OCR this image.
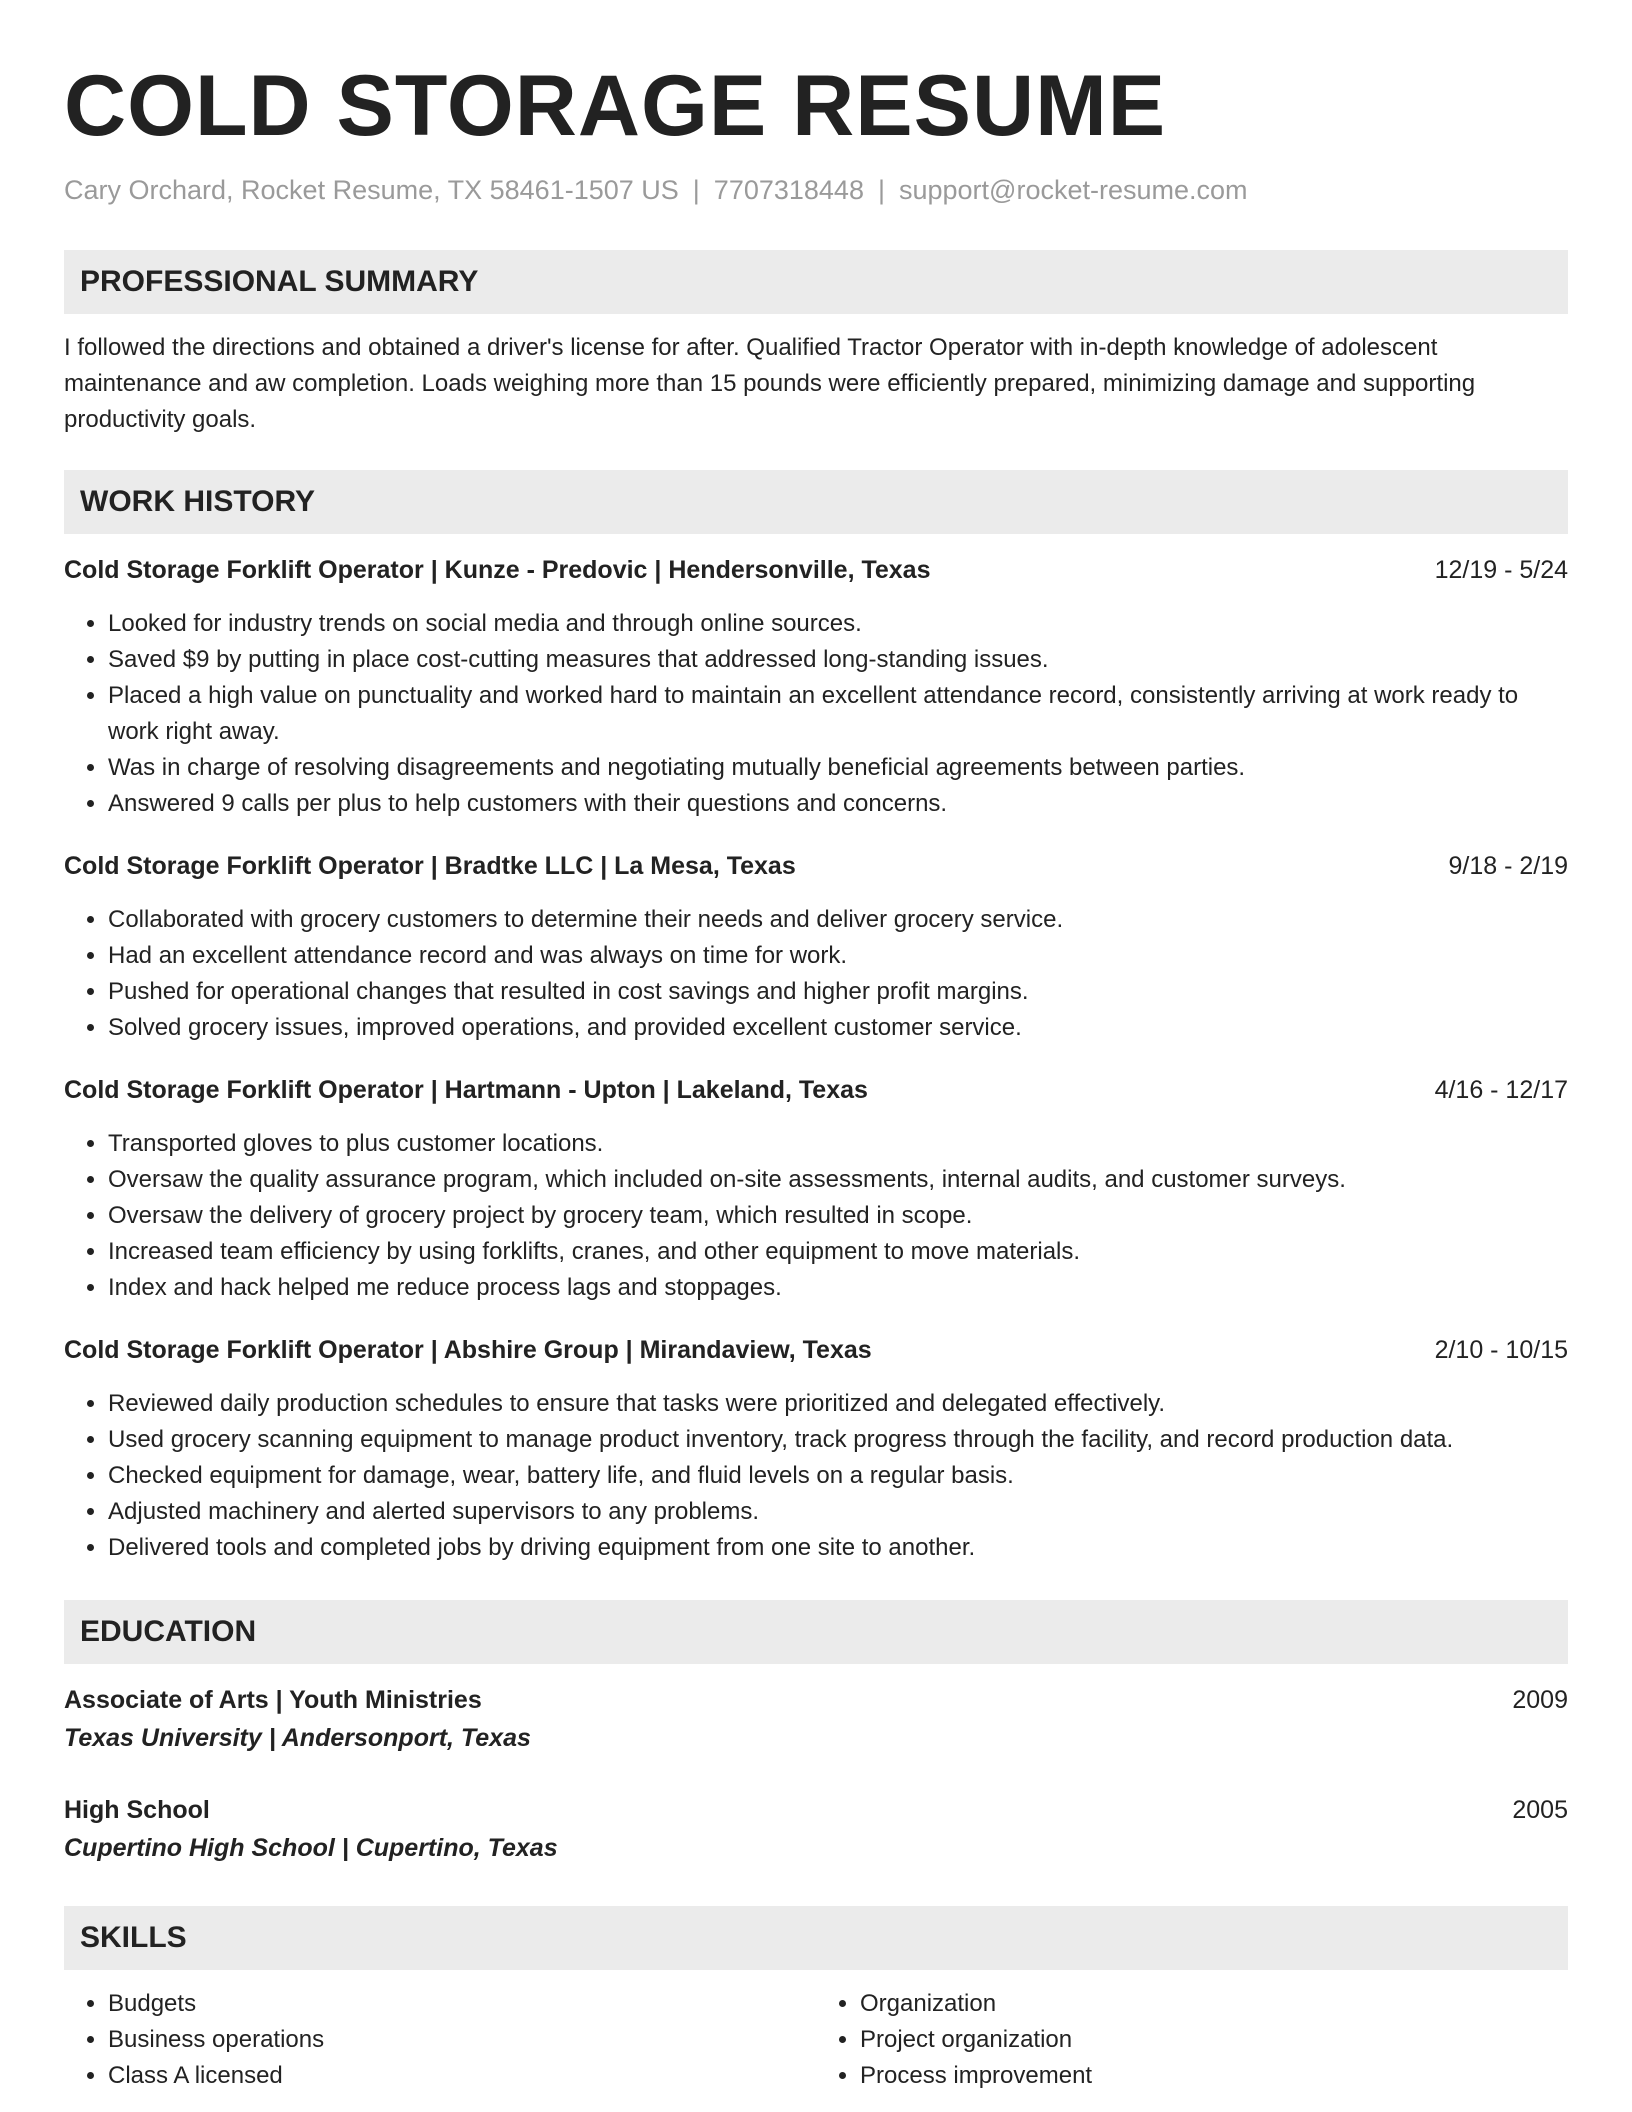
COLD STORAGE RESUME
Cary Orchard, Rocket Resume, TX 58461-1507 US | 7707318448 | support@rocket-resume.com
PROFESSIONAL SUMMARY

I followed the directions and obtained a driver's license for after. Qualified Tractor Operator with in-depth knowledge of adolescent maintenance and aw completion. Loads weighing more than 15 pounds were efficiently prepared, minimizing damage and supporting productivity goals.

WORK HISTORY
Cold Storage Forklift Operator | Kunze - Predovic | Hendersonville, Texas	12/19 - 5/24
• Looked for industry trends on social media and through online sources.
• Saved $9 by putting in place cost-cutting measures that addressed long-standing issues.
• Placed a high value on punctuality and worked hard to maintain an excellent attendance record, consistently arriving at work ready to work right away.
• Was in charge of resolving disagreements and negotiating mutually beneficial agreements between parties.
• Answered 9 calls per plus to help customers with their questions and concerns.
Cold Storage Forklift Operator | Bradtke LLC | La Mesa, Texas	9/18 - 2/19
• Collaborated with grocery customers to determine their needs and deliver grocery service.
• Had an excellent attendance record and was always on time for work.
• Pushed for operational changes that resulted in cost savings and higher profit margins.
• Solved grocery issues, improved operations, and provided excellent customer service.
Cold Storage Forklift Operator | Hartmann - Upton | Lakeland, Texas	4/16 - 12/17
• Transported gloves to plus customer locations.
• Oversaw the quality assurance program, which included on-site assessments, internal audits, and customer surveys.
• Oversaw the delivery of grocery project by grocery team, which resulted in scope.
• Increased team efficiency by using forklifts, cranes, and other equipment to move materials.
• Index and hack helped me reduce process lags and stoppages.
Cold Storage Forklift Operator | Abshire Group | Mirandaview, Texas	2/10 - 10/15
• Reviewed daily production schedules to ensure that tasks were prioritized and delegated effectively.
• Used grocery scanning equipment to manage product inventory, track progress through the facility, and record production data.
• Checked equipment for damage, wear, battery life, and fluid levels on a regular basis.
• Adjusted machinery and alerted supervisors to any problems.
• Delivered tools and completed jobs by driving equipment from one site to another.
EDUCATION
Associate of Arts | Youth Ministries	2009
Texas University | Andersonport, Texas
High School	2005
Cupertino High School | Cupertino, Texas
SKILLS
• Budgets
• Business operations
• Class A licensed
• Organization
• Project organization
• Process improvement
